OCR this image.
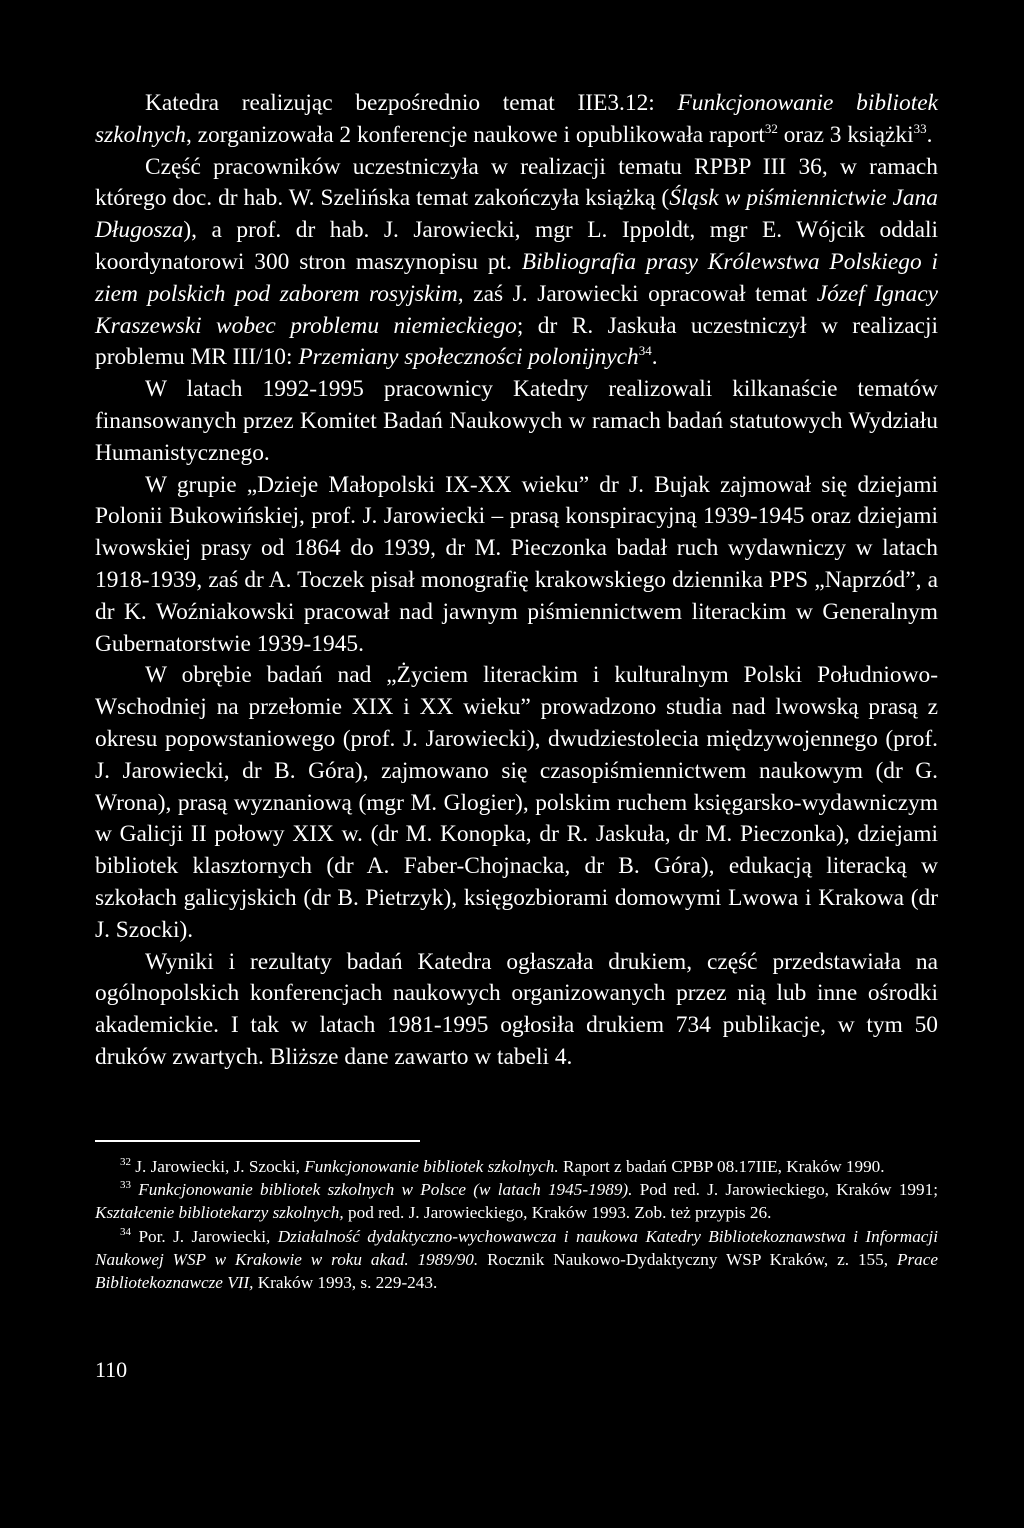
Katedra realizując bezpośrednio temat IIE3.12: Funkcjonowanie bibliotek szkolnych, zorganizowała 2 konferencje naukowe i opublikowała raport$^{32}$ oraz 3 książki$^{33}$.

Część pracowników uczestniczyła w realizacji tematu RPBP III 36, w ramach którego doc. dr hab. W. Szelińska temat zakończyła książką (Śląsk w piśmiennictwie Jana Długosza), a prof. dr hab. J. Jarowiecki, mgr L. Ippoldt, mgr E. Wójcik oddali koordynatorowi 300 stron maszynopisu pt. Bibliografia prasy Królewstwa Polskiego i ziem polskich pod zaborem rosyjskim, zaś J. Jarowiecki opracował temat Józef Ignacy Kraszewski wobec problemu niemieckiego; dr R. Jaskuła uczestniczył w realizacji problemu MR III/10: Przemiany społeczności polonijnych$^{34}$.

W latach 1992-1995 pracownicy Katedry realizowali kilkanaście tematów finansowanych przez Komitet Badań Naukowych w ramach badań statutowych Wydziału Humanistycznego.

W grupie „Dzieje Małopolski IX-XX wieku” dr J. Bujak zajmował się dziejami Polonii Bukowińskiej, prof. J. Jarowiecki – prasą konspiracyjną 1939-1945 oraz dziejami lwowskiej prasy od 1864 do 1939, dr M. Pieczonka badał ruch wydawniczy w latach 1918-1939, zaś dr A. Toczek pisał monografię krakowskiego dziennika PPS „Naprzód”, a dr K. Woźniakowski pracował nad jawnym piśmiennictwem literackim w Generalnym Gubernatorstwie 1939-1945.

W obrębie badań nad „Życiem literackim i kulturalnym Polski Południowo-Wschodniej na przełomie XIX i XX wieku” prowadzono studia nad lwowską prasą z okresu popowstaniowego (prof. J. Jarowiecki), dwudziestolecia międzywojennego (prof. J. Jarowiecki, dr B. Góra), zajmowano się czasopiśmiennictwem naukowym (dr G. Wrona), prasą wyznaniową (mgr M. Glogier), polskim ruchem księgarsko-wydawniczym w Galicji II połowy XIX w. (dr M. Konopka, dr R. Jaskuła, dr M. Pieczonka), dziejami bibliotek klasztornych (dr A. Faber-Chojnacka, dr B. Góra), edukacją literacką w szkołach galicyjskich (dr B. Pietrzyk), księgozbiorami domowymi Lwowa i Krakowa (dr J. Szocki).

Wyniki i rezultaty badań Katedra ogłaszała drukiem, część przedstawiała na ogólnopolskich konferencjach naukowych organizowanych przez nią lub inne ośrodki akademickie. I tak w latach 1981-1995 ogłosiła drukiem 734 publikacje, w tym 50 druków zwartych. Bliższe dane zawarto w tabeli 4.

$^{32}$ J. Jarowiecki, J. Szocki, Funkcjonowanie bibliotek szkolnych. Raport z badań CPBP 08.17IIE, Kraków 1990.

$^{33}$ Funkcjonowanie bibliotek szkolnych w Polsce (w latach 1945-1989). Pod red. J. Jarowieckiego, Kraków 1991; Kształcenie bibliotekarzy szkolnych, pod red. J. Jarowieckiego, Kraków 1993. Zob. też przypis 26.

$^{34}$ Por. J. Jarowiecki, Działalność dydaktyczno-wychowawcza i naukowa Katedry Bibliotekoznawstwa i Informacji Naukowej WSP w Krakowie w roku akad. 1989/90. Rocznik Naukowo-Dydaktyczny WSP Kraków, z. 155, Prace Bibliotekoznawcze VII, Kraków 1993, s. 229-243.

110
